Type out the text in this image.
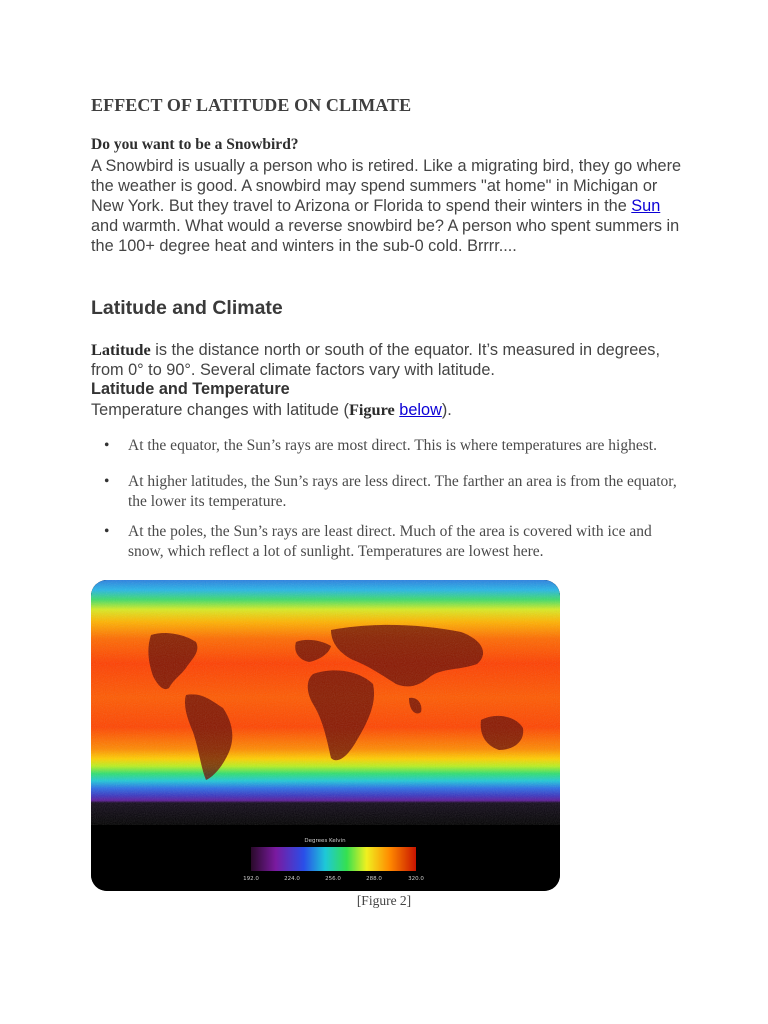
EFFECT OF LATITUDE ON CLIMATE

Do you want to be a Snowbird?

A Snowbird is usually a person who is retired. Like a migrating bird, they go where the weather is good. A snowbird may spend summers "at home" in Michigan or New York. But they travel to Arizona or Florida to spend their winters in the Sun and warmth. What would a reverse snowbird be? A person who spent summers in the 100+ degree heat and winters in the sub-0 cold. Brrrr....

Latitude and Climate

Latitude is the distance north or south of the equator. It’s measured in degrees, from 0° to 90°. Several climate factors vary with latitude.

Latitude and Temperature

Temperature changes with latitude (Figure below).

• At the equator, the Sun’s rays are most direct. This is where temperatures are highest.
• At higher latitudes, the Sun’s rays are less direct. The farther an area is from the equator, the lower its temperature.
• At the poles, the Sun’s rays are least direct. Much of the area is covered with ice and snow, which reflect a lot of sunlight. Temperatures are lowest here.
Degrees Kelvin
192.0	224.0	256.0	288.0	320.0

[Figure 2]
